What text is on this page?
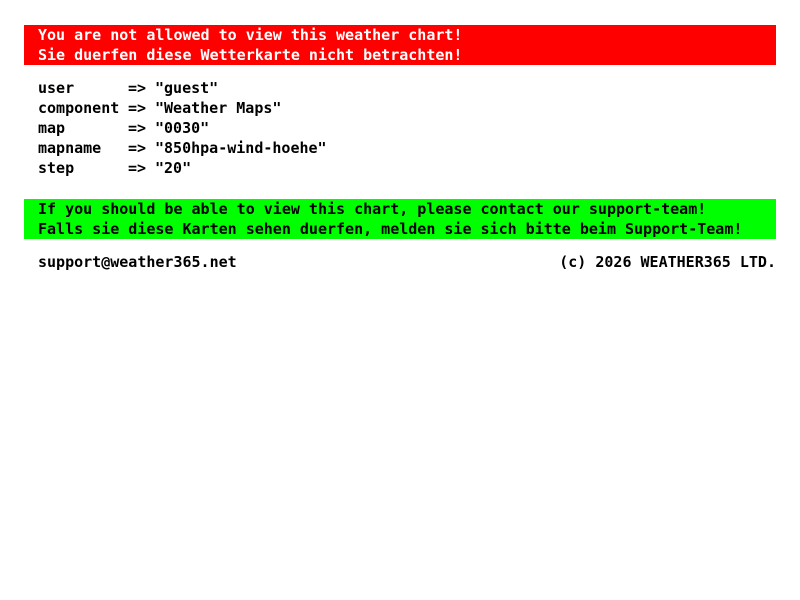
You are not allowed to view this weather chart!
Sie duerfen diese Wetterkarte nicht betrachten!
user	=> "guest"
component => "Weather Maps"
map	=> "0030"
mapname	=> "850hpa-wind-hoehe"
step	=> "20"
If you should be able to view this chart, please contact our support-team!
Falls sie diese Karten sehen duerfen, melden sie sich bitte beim Support-Team!
support@weather365.net	(c) 2026 WEATHER365 LTD.
